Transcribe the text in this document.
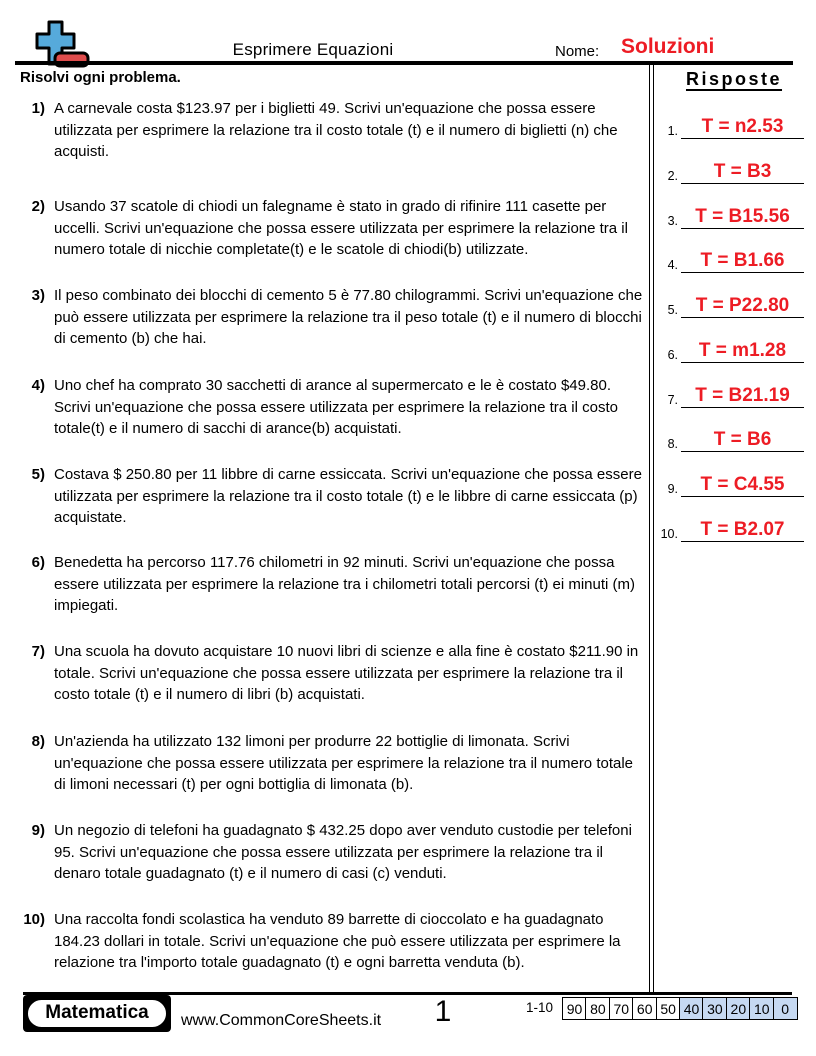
Esprimere Equazioni	Nome: Soluzioni
Risolvi ogni problema.	Risposte
1.	T = n2.53
2.	T = B3
3. T = B15.56
4.	T = B1.66
5. T = P22.80
6.	T = m1.28
7. T = B21.19
8.	T = B6
9.	T = C4.55
10.	T = B2.07
1) A carnevale costa $123.97 per i biglietti 49. Scrivi un'equazione che possa essere utilizzata per esprimere la relazione tra il costo totale (t) e il numero di biglietti (n) che acquisti.
2) Usando 37 scatole di chiodi un falegname è stato in grado di rifinire 111 casette per uccelli. Scrivi un'equazione che possa essere utilizzata per esprimere la relazione tra il numero totale di nicchie completate(t) e le scatole di chiodi(b) utilizzate.
3) Il peso combinato dei blocchi di cemento 5 è 77.80 chilogrammi. Scrivi un'equazione che può essere utilizzata per esprimere la relazione tra il peso totale (t) e il numero di blocchi di cemento (b) che hai.
4) Uno chef ha comprato 30 sacchetti di arance al supermercato e le è costato $49.80. Scrivi un'equazione che possa essere utilizzata per esprimere la relazione tra il costo totale(t) e il numero di sacchi di arance(b) acquistati.
5) Costava $ 250.80 per 11 libbre di carne essiccata. Scrivi un'equazione che possa essere utilizzata per esprimere la relazione tra il costo totale (t) e le libbre di carne essiccata (p) acquistate.
6) Benedetta ha percorso 117.76 chilometri in 92 minuti. Scrivi un'equazione che possa essere utilizzata per esprimere la relazione tra i chilometri totali percorsi (t) ei minuti (m) impiegati.
7) Una scuola ha dovuto acquistare 10 nuovi libri di scienze e alla fine è costato $211.90 in totale. Scrivi un'equazione che possa essere utilizzata per esprimere la relazione tra il costo totale (t) e il numero di libri (b) acquistati.
8) Un'azienda ha utilizzato 132 limoni per produrre 22 bottiglie di limonata. Scrivi un'equazione che possa essere utilizzata per esprimere la relazione tra il numero totale di limoni necessari (t) per ogni bottiglia di limonata (b).
9) Un negozio di telefoni ha guadagnato $ 432.25 dopo aver venduto custodie per telefoni 95. Scrivi un'equazione che possa essere utilizzata per esprimere la relazione tra il denaro totale guadagnato (t) e il numero di casi (c) venduti.
10) Una raccolta fondi scolastica ha venduto 89 barrette di cioccolato e ha guadagnato 184.23 dollari in totale. Scrivi un'equazione che può essere utilizzata per esprimere la relazione tra l'importo totale guadagnato (t) e ogni barretta venduta (b).
Matematica	www.CommonCoreSheets.it	1	1-10 90 80 70 60 50 40 30 20 10 0
